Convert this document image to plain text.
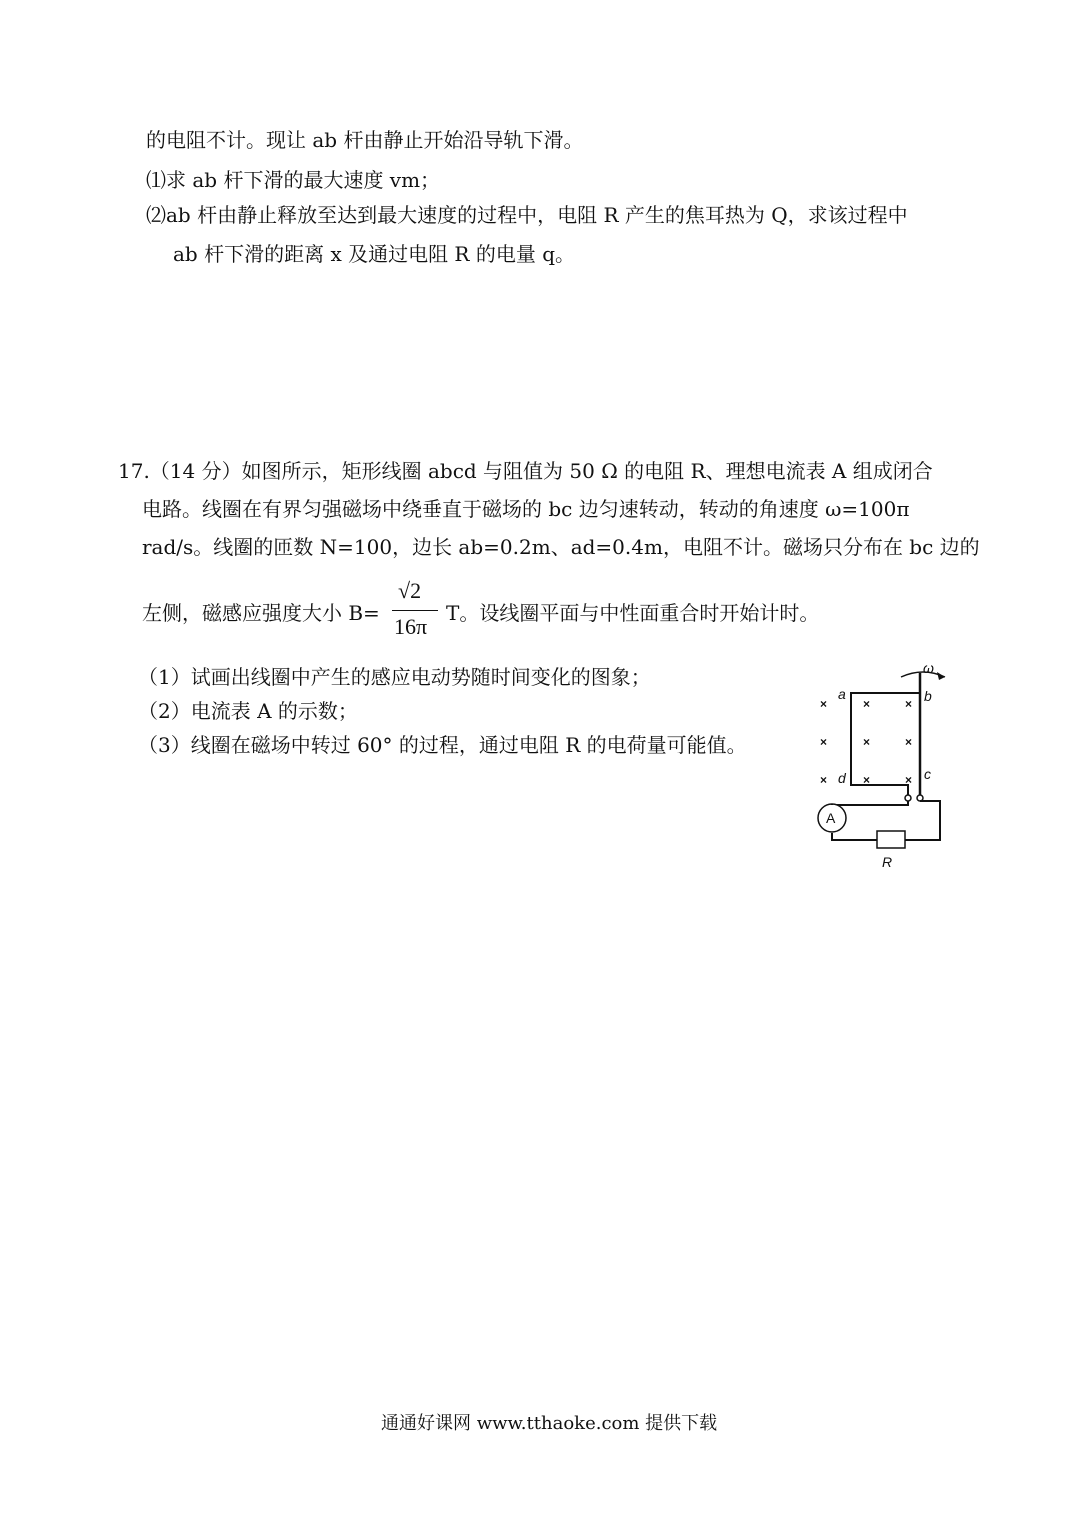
的电阻不计。现让 ab 杆由静止开始沿导轨下滑。
⑴求 ab 杆下滑的最大速度 vm；
⑵ab 杆由静止释放至达到最大速度的过程中，电阻 R 产生的焦耳热为 Q，求该过程中
ab 杆下滑的距离 x 及通过电阻 R 的电量 q。
17.（14 分）如图所示，矩形线圈 abcd 与阻值为 50 Ω 的电阻 R、理想电流表 A 组成闭合
电路。线圈在有界匀强磁场中绕垂直于磁场的 bc 边匀速转动，转动的角速度 ω=100π
rad/s。线圈的匝数 N=100，边长 ab=0.2m、ad=0.4m，电阻不计。磁场只分布在 bc 边的
左侧，磁感应强度大小 B=
√2
16π
T。设线圈平面与中性面重合时开始计时。
（1）试画出线圈中产生的感应电动势随时间变化的图象；
（2）电流表 A 的示数；
（3）线圈在磁场中转过 60° 的过程，通过电阻 R 的电荷量可能值。
×	×	×
×	×	×
×	×	×
ω
a	b
c
d
R
A
通通好课网 www.tthaoke.com 提供下载
